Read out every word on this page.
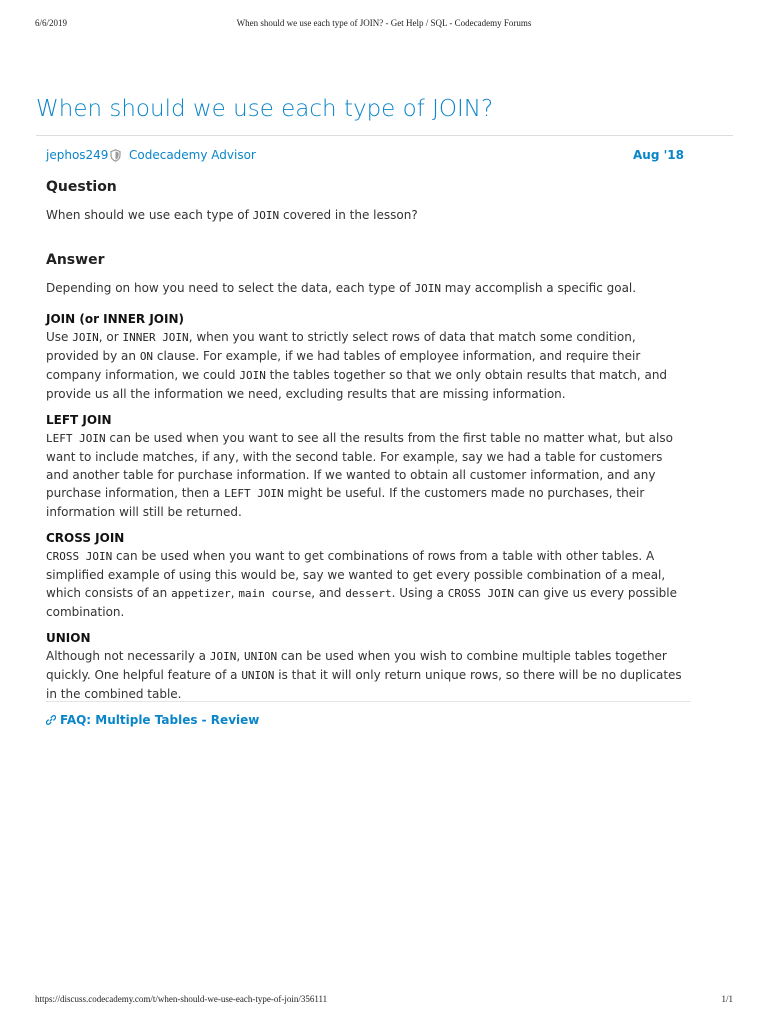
6/6/2019	When should we use each type of JOIN? - Get Help / SQL - Codecademy Forums
When should we use each type of JOIN?
jephos249 Codecademy Advisor	Aug '18
Question

When should we use each type of JOIN covered in the lesson?

Answer

Depending on how you need to select the data, each type of JOIN may accomplish a specific goal.

JOIN (or INNER JOIN)

Use JOIN, or INNER JOIN, when you want to strictly select rows of data that match some condition, provided by an ON clause. For example, if we had tables of employee information, and require their company information, we could JOIN the tables together so that we only obtain results that match, and provide us all the information we need, excluding results that are missing information.

LEFT JOIN

LEFT JOIN can be used when you want to see all the results from the first table no matter what, but also want to include matches, if any, with the second table. For example, say we had a table for customers and another table for purchase information. If we wanted to obtain all customer information, and any purchase information, then a LEFT JOIN might be useful. If the customers made no purchases, their information will still be returned.

CROSS JOIN

CROSS JOIN can be used when you want to get combinations of rows from a table with other tables. A simplified example of using this would be, say we wanted to get every possible combination of a meal, which consists of an appetizer, main course, and dessert. Using a CROSS JOIN can give us every possible combination.

UNION

Although not necessarily a JOIN, UNION can be used when you wish to combine multiple tables together quickly. One helpful feature of a UNION is that it will only return unique rows, so there will be no duplicates in the combined table.

FAQ: Multiple Tables - Review
https://discuss.codecademy.com/t/when-should-we-use-each-type-of-join/356111	1/1
